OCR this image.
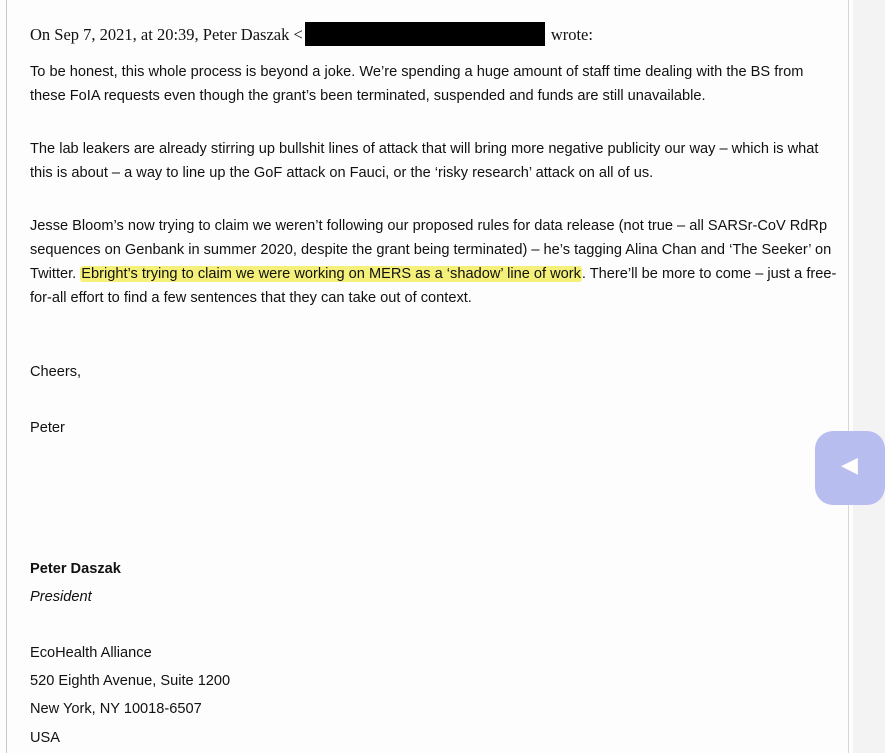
On Sep 7, 2021, at 20:39, Peter Daszak <	wrote:
To be honest, this whole process is beyond a joke. We’re spending a huge amount of staff time dealing with the BS from these FoIA requests even though the grant’s been terminated, suspended and funds are still unavailable.
The lab leakers are already stirring up bullshit lines of attack that will bring more negative publicity our way – which is what this is about – a way to line up the GoF attack on Fauci, or the ‘risky research’ attack on all of us.
Jesse Bloom’s now trying to claim we weren’t following our proposed rules for data release (not true – all SARSr-CoV RdRp sequences on Genbank in summer 2020, despite the grant being terminated) – he’s tagging Alina Chan and ‘The Seeker’ on Twitter. Ebright’s trying to claim we were working on MERS as a ‘shadow’ line of work. There’ll be more to come – just a free-for-all effort to find a few sentences that they can take out of context.
Cheers,
Peter
Peter Daszak
President
EcoHealth Alliance
520 Eighth Avenue, Suite 1200
New York, NY 10018-6507
USA
◀
